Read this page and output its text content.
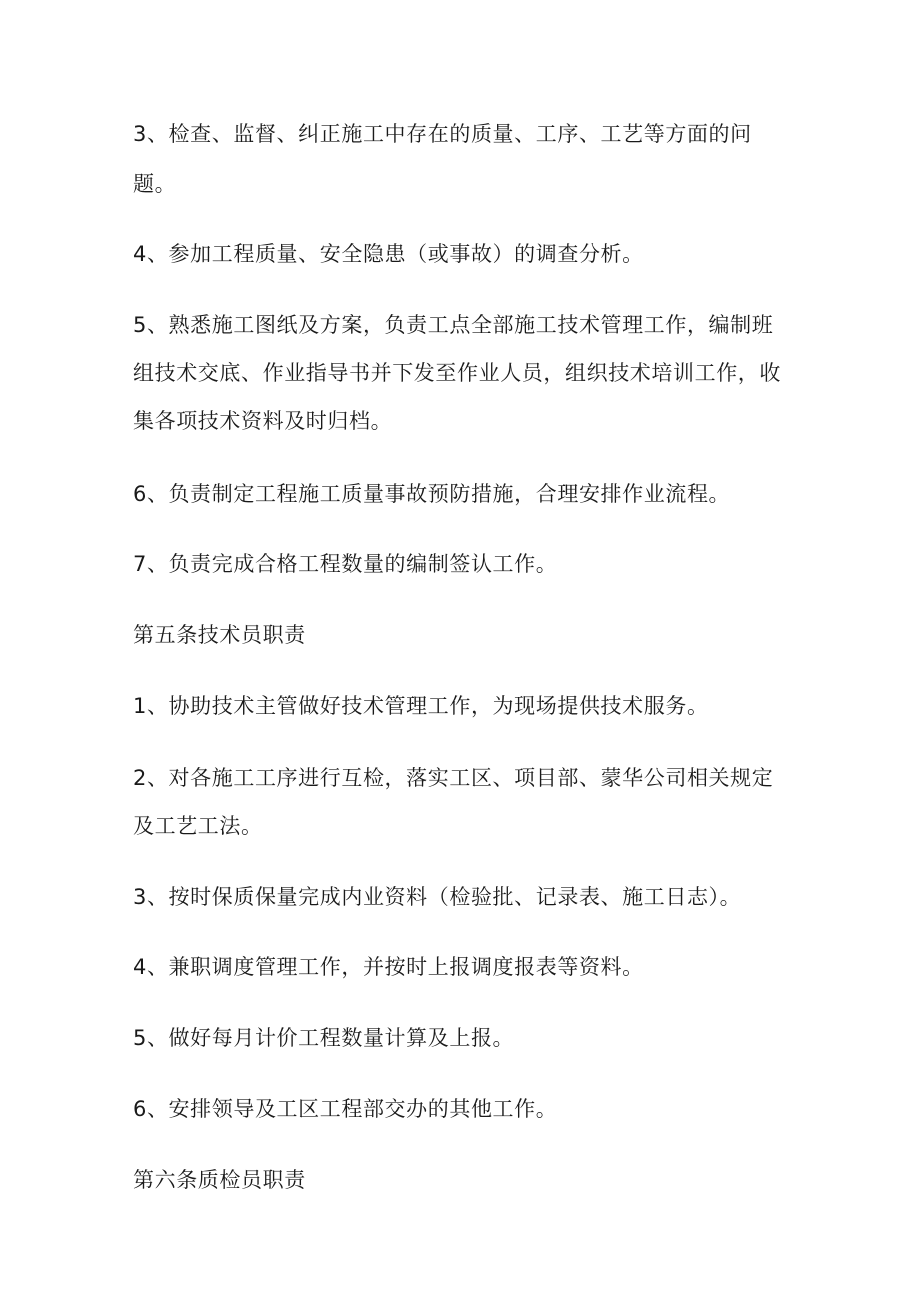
3、检查、监督、纠正施工中存在的质量、工序、工艺等方面的问

题。

4、参加工程质量、安全隐患（或事故）的调查分析。

5、熟悉施工图纸及方案，负责工点全部施工技术管理工作，编制班

组技术交底、作业指导书并下发至作业人员，组织技术培训工作，收

集各项技术资料及时归档。

6、负责制定工程施工质量事故预防措施，合理安排作业流程。

7、负责完成合格工程数量的编制签认工作。

第五条技术员职责

1、协助技术主管做好技术管理工作，为现场提供技术服务。

2、对各施工工序进行互检，落实工区、项目部、蒙华公司相关规定

及工艺工法。

3、按时保质保量完成内业资料（检验批、记录表、施工日志）。

4、兼职调度管理工作，并按时上报调度报表等资料。

5、做好每月计价工程数量计算及上报。

6、安排领导及工区工程部交办的其他工作。

第六条质检员职责
